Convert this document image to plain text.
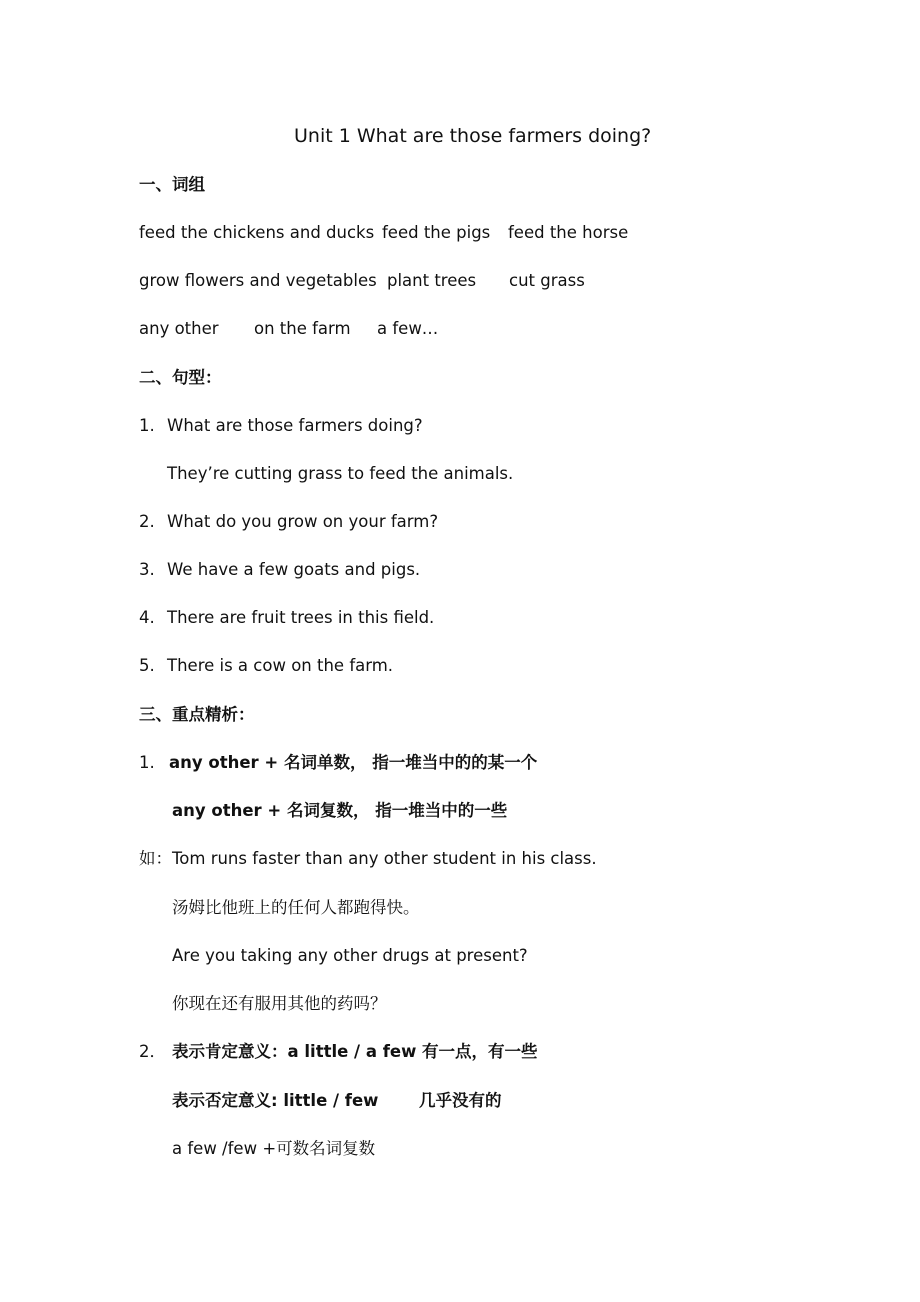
Unit 1 What are those farmers doing?
一、词组
feed the chickens and ducks feed the pigs feed the horse
grow flowers and vegetables plant trees cut grass
any other on the farm a few…
二、句型：
1. What are those farmers doing?
They’re cutting grass to feed the animals.
2. What do you grow on your farm?
3. We have a few goats and pigs.
4. There are fruit trees in this field.
5. There is a cow on the farm.
三、重点精析：
1. any other + 名词单数， 指一堆当中的的某一个
any other + 名词复数， 指一堆当中的一些
如： Tom runs faster than any other student in his class.
汤姆比他班上的任何人都跑得快。
Are you taking any other drugs at present?
你现在还有服用其他的药吗？
2． 表示肯定意义：a little / a few 有一点，有一些
表示否定意义: little / few 几乎没有的
a few /few +可数名词复数
